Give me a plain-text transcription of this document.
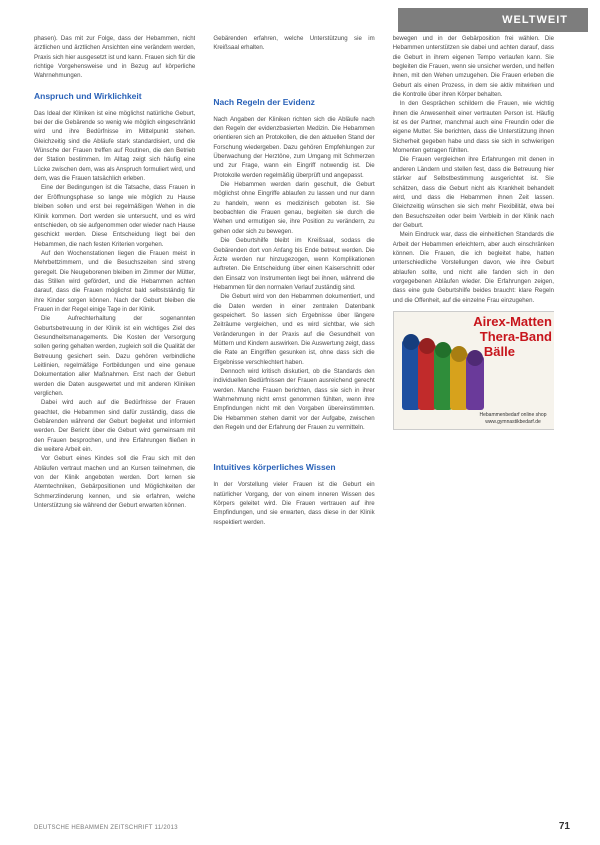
WELTWEIT

phasen). Das mit zur Folge, dass der Hebammen, nicht ärztlichen und ärztlichen Ansichten eine verändern werden, Praxis sich hier ausgesetzt ist und kann. Frauen sich für die richtige Vorgehensweise und in Bezug auf körperliche Wahrnehmungen.

Anspruch und Wirklichkeit

Das Ideal der Kliniken ist eine möglichst natürliche Geburt, bei der die Gebärende so wenig wie möglich eingeschränkt wird und ihre Bedürfnisse im Mittelpunkt stehen. Gleichzeitig sind die Abläufe stark standardisiert, und die Wünsche der Frauen treffen auf Routinen, die den Betrieb der Station bestimmen. Im Alltag zeigt sich häufig eine Lücke zwischen dem, was als Anspruch formuliert wird, und dem, was die Frauen tatsächlich erleben.

Eine der Bedingungen ist die Tatsache, dass Frauen in der Eröffnungsphase so lange wie möglich zu Hause bleiben sollen und erst bei regelmäßigen Wehen in die Klinik kommen. Dort werden sie untersucht, und es wird entschieden, ob sie aufgenommen oder wieder nach Hause geschickt werden. Diese Entscheidung liegt bei den Hebammen, die nach festen Kriterien vorgehen.

Auf den Wochenstationen liegen die Frauen meist in Mehrbettzimmern, und die Besuchszeiten sind streng geregelt. Die Neugeborenen bleiben im Zimmer der Mütter, das Stillen wird gefördert, und die Hebammen achten darauf, dass die Frauen möglichst bald selbstständig für ihre Kinder sorgen können. Nach der Geburt bleiben die Frauen in der Regel einige Tage in der Klinik.

Die Aufrechterhaltung der sogenannten Geburtsbetreuung in der Klinik ist ein wichtiges Ziel des Gesundheitsmanagements. Die Kosten der Versorgung sollen gering gehalten werden, zugleich soll die Qualität der Betreuung gesichert sein. Dazu gehören verbindliche Leitlinien, regelmäßige Fortbildungen und eine genaue Dokumentation aller Maßnahmen. Erst nach der Geburt werden die Daten ausgewertet und mit anderen Kliniken verglichen.

Dabei wird auch auf die Bedürfnisse der Frauen geachtet, die Hebammen sind dafür zuständig, dass die Gebärenden während der Geburt begleitet und informiert werden. Der Bericht über die Geburt wird gemeinsam mit den Frauen besprochen, und ihre Erfahrungen fließen in die weitere Arbeit ein.

Vor Geburt eines Kindes soll die Frau sich mit den Abläufen vertraut machen und an Kursen teilnehmen, die von der Klinik angeboten werden. Dort lernen sie Atemtechniken, Gebärpositionen und Möglichkeiten der Schmerzlinderung kennen, und sie erfahren, welche Unterstützung sie während der Geburt erwarten können.

Gebärenden erfahren, welche Unterstützung sie im Kreißsaal erhalten.

Nach Regeln der Evidenz

Nach Angaben der Kliniken richten sich die Abläufe nach den Regeln der evidenzbasierten Medizin. Die Hebammen orientieren sich an Protokollen, die den aktuellen Stand der Forschung wiedergeben. Dazu gehören Empfehlungen zur Überwachung der Herztöne, zum Umgang mit Schmerzen und zur Frage, wann ein Eingriff notwendig ist. Die Protokolle werden regelmäßig überprüft und angepasst.

Die Hebammen werden darin geschult, die Geburt möglichst ohne Eingriffe ablaufen zu lassen und nur dann zu handeln, wenn es medizinisch geboten ist. Sie beobachten die Frauen genau, begleiten sie durch die Wehen und ermutigen sie, ihre Position zu verändern, zu gehen oder sich zu bewegen.

Die Geburtshilfe bleibt im Kreißsaal, sodass die Gebärenden dort von Anfang bis Ende betreut werden. Die Ärzte werden nur hinzugezogen, wenn Komplikationen auftreten. Die Entscheidung über einen Kaiserschnitt oder den Einsatz von Instrumenten liegt bei ihnen, während die Hebammen für den normalen Verlauf zuständig sind.

Die Geburt wird von den Hebammen dokumentiert, und die Daten werden in einer zentralen Datenbank gespeichert. So lassen sich Ergebnisse über längere Zeiträume vergleichen, und es wird sichtbar, wie sich Veränderungen in der Praxis auf die Gesundheit von Müttern und Kindern auswirken. Die Auswertung zeigt, dass die Rate an Eingriffen gesunken ist, ohne dass sich die Ergebnisse verschlechtert haben.

Dennoch wird kritisch diskutiert, ob die Standards den individuellen Bedürfnissen der Frauen ausreichend gerecht werden. Manche Frauen berichten, dass sie sich in ihrer Wahrnehmung nicht ernst genommen fühlten, wenn ihre Empfindungen nicht mit den Vorgaben übereinstimmten. Die Hebammen stehen damit vor der Aufgabe, zwischen den Regeln und der Erfahrung der Frauen zu vermitteln.

Intuitives körperliches Wissen

In der Vorstellung vieler Frauen ist die Geburt ein natürlicher Vorgang, der von einem inneren Wissen des Körpers geleitet wird. Die Frauen vertrauen auf ihre Empfindungen, und sie erwarten, dass diese in der Klinik respektiert werden.

bewegen und in der Gebärposition frei wählen. Die Hebammen unterstützen sie dabei und achten darauf, dass die Geburt in ihrem eigenen Tempo verlaufen kann. Sie begleiten die Frauen, wenn sie unsicher werden, und helfen ihnen, mit den Wehen umzugehen. Die Frauen erleben die Geburt als einen Prozess, in dem sie aktiv mitwirken und die Kontrolle über ihren Körper behalten.

In den Gesprächen schildern die Frauen, wie wichtig ihnen die Anwesenheit einer vertrauten Person ist. Häufig ist es der Partner, manchmal auch eine Freundin oder die eigene Mutter. Sie berichten, dass die Unterstützung ihnen Sicherheit gegeben habe und dass sie sich in schwierigen Momenten getragen fühlten.

Die Frauen vergleichen ihre Erfahrungen mit denen in anderen Ländern und stellen fest, dass die Betreuung hier stärker auf Selbstbestimmung ausgerichtet ist. Sie schätzen, dass die Geburt nicht als Krankheit behandelt wird, und dass die Hebammen ihnen Zeit lassen. Gleichzeitig wünschen sie sich mehr Flexibilität, etwa bei den Besuchszeiten oder beim Verbleib in der Klinik nach der Geburt.

Mein Eindruck war, dass die einheitlichen Standards die Arbeit der Hebammen erleichtern, aber auch einschränken können. Die Frauen, die ich begleitet habe, hatten unterschiedliche Vorstellungen davon, wie ihre Geburt ablaufen sollte, und nicht alle fanden sich in den vorgegebenen Abläufen wieder. Die Erfahrungen zeigen, dass eine gute Geburtshilfe beides braucht: klare Regeln und die Offenheit, auf die einzelne Frau einzugehen.

Airex-Matten
Thera-Band
Bälle
Hebammenbedarf online shop
www.gymnastikbedarf.de
DEUTSCHE HEBAMMEN ZEITSCHRIFT 11/2013	71
